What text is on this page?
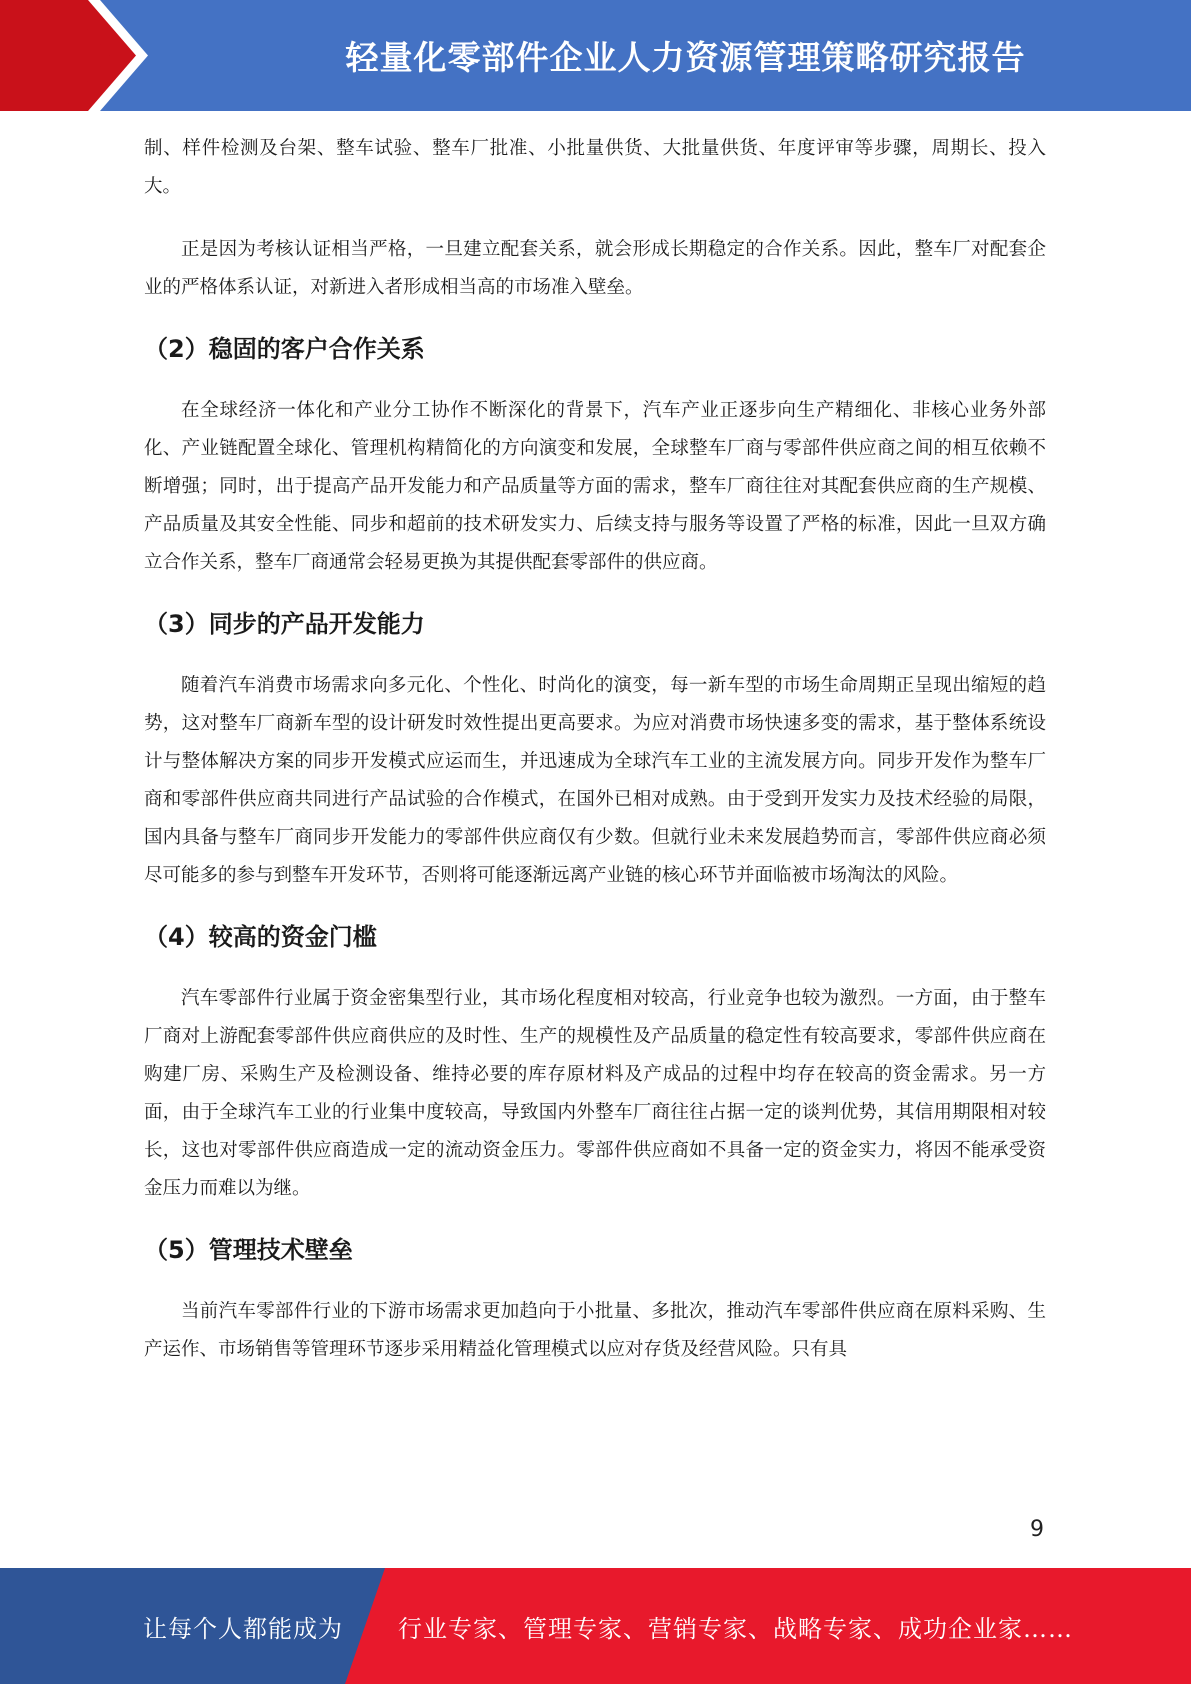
轻量化零部件企业人力资源管理策略研究报告

制、样件检测及台架、整车试验、整车厂批准、小批量供货、大批量供货、年度评审等步骤，周期长、投入大。

正是因为考核认证相当严格，一旦建立配套关系，就会形成长期稳定的合作关系。因此，整车厂对配套企业的严格体系认证，对新进入者形成相当高的市场准入壁垒。

（2）稳固的客户合作关系

在全球经济一体化和产业分工协作不断深化的背景下，汽车产业正逐步向生产精细化、非核心业务外部化、产业链配置全球化、管理机构精简化的方向演变和发展，全球整车厂商与零部件供应商之间的相互依赖不断增强；同时，出于提高产品开发能力和产品质量等方面的需求，整车厂商往往对其配套供应商的生产规模、产品质量及其安全性能、同步和超前的技术研发实力、后续支持与服务等设置了严格的标准，因此一旦双方确立合作关系，整车厂商通常会轻易更换为其提供配套零部件的供应商。

（3）同步的产品开发能力

随着汽车消费市场需求向多元化、个性化、时尚化的演变，每一新车型的市场生命周期正呈现出缩短的趋势，这对整车厂商新车型的设计研发时效性提出更高要求。为应对消费市场快速多变的需求，基于整体系统设计与整体解决方案的同步开发模式应运而生，并迅速成为全球汽车工业的主流发展方向。同步开发作为整车厂商和零部件供应商共同进行产品试验的合作模式，在国外已相对成熟。由于受到开发实力及技术经验的局限，国内具备与整车厂商同步开发能力的零部件供应商仅有少数。但就行业未来发展趋势而言，零部件供应商必须尽可能多的参与到整车开发环节，否则将可能逐渐远离产业链的核心环节并面临被市场淘汰的风险。

（4）较高的资金门槛

汽车零部件行业属于资金密集型行业，其市场化程度相对较高，行业竞争也较为激烈。一方面，由于整车厂商对上游配套零部件供应商供应的及时性、生产的规模性及产品质量的稳定性有较高要求，零部件供应商在购建厂房、采购生产及检测设备、维持必要的库存原材料及产成品的过程中均存在较高的资金需求。另一方面，由于全球汽车工业的行业集中度较高，导致国内外整车厂商往往占据一定的谈判优势，其信用期限相对较长，这也对零部件供应商造成一定的流动资金压力。零部件供应商如不具备一定的资金实力，将因不能承受资金压力而难以为继。

（5）管理技术壁垒

当前汽车零部件行业的下游市场需求更加趋向于小批量、多批次，推动汽车零部件供应商在原料采购、生产运作、市场销售等管理环节逐步采用精益化管理模式以应对存货及经营风险。只有具

9
让每个人都能成为 行业专家、管理专家、营销专家、战略专家、成功企业家……
